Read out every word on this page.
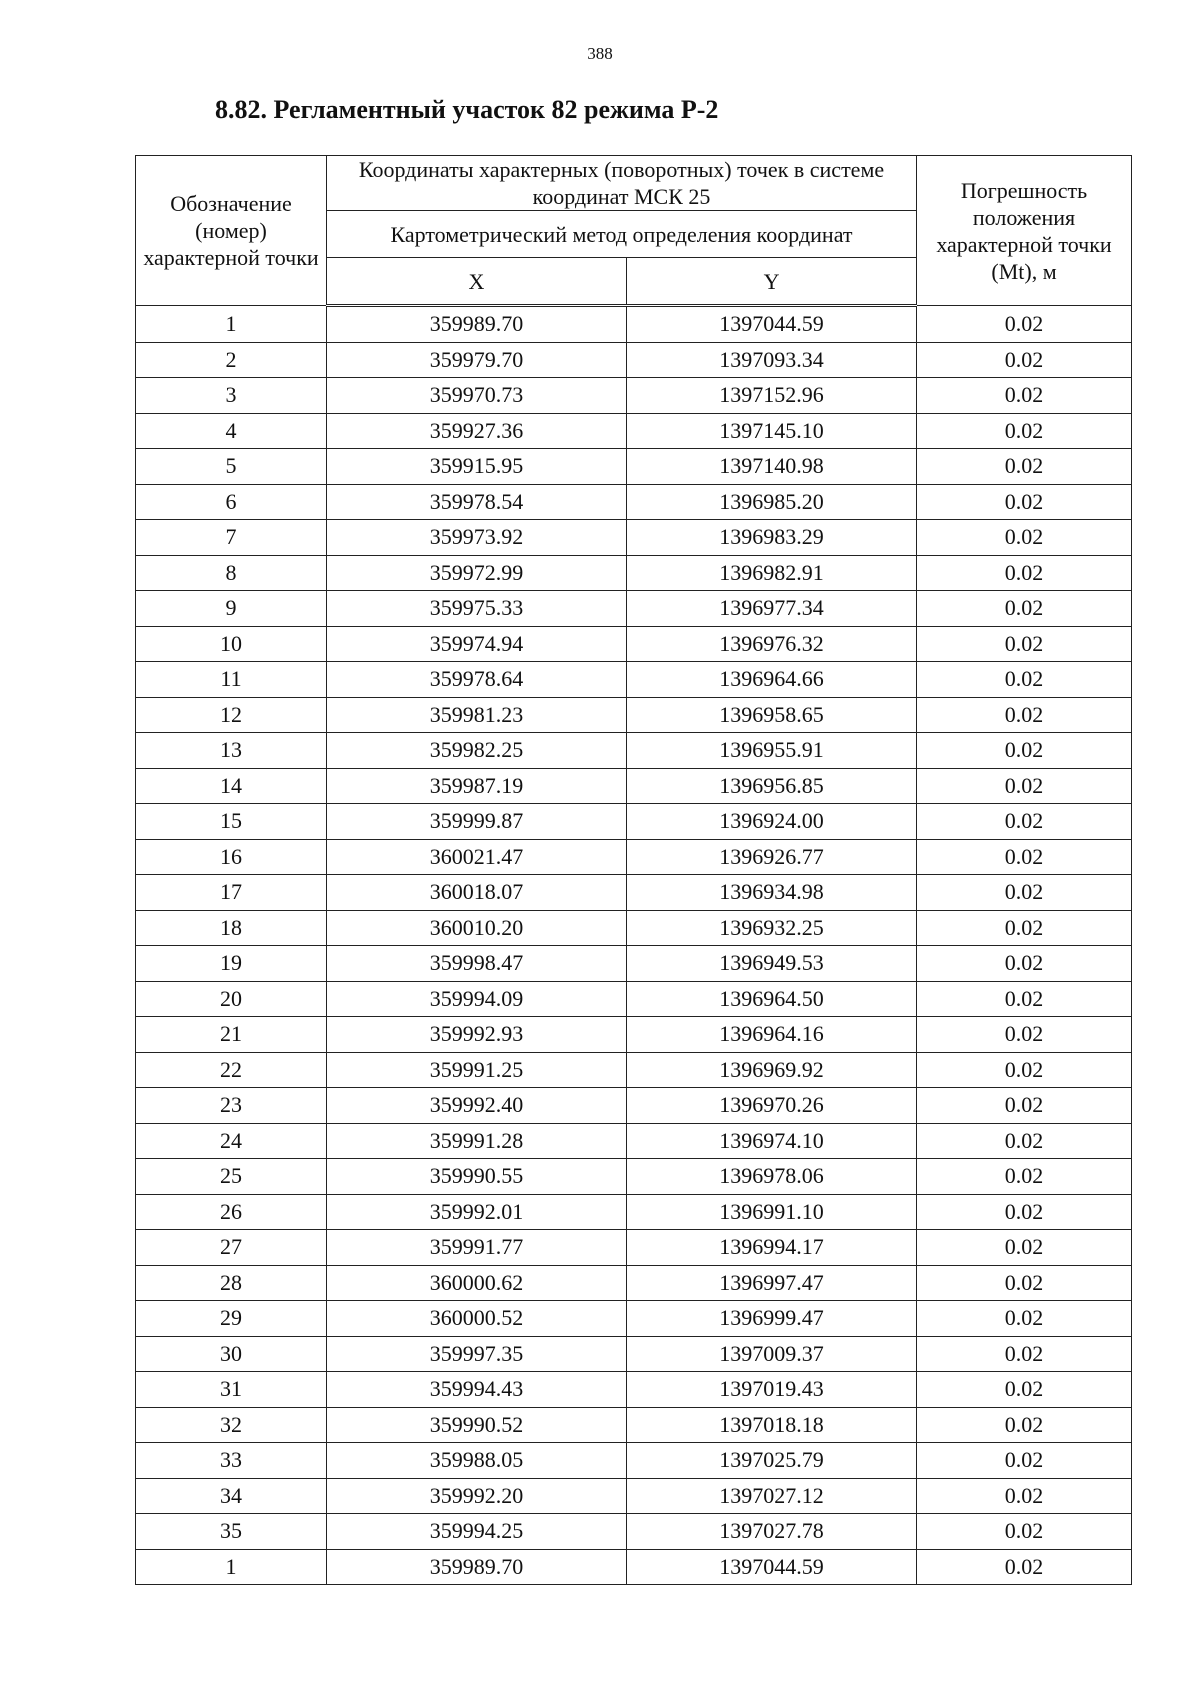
388
8.82. Регламентный участок 82 режима Р-2
Обозначение (номер) характерной точки	Координаты характерных (поворотных) точек в системе координат МСК 25		Погрешность положения характерной точки (Mt), м
	Картометрический метод определения координат		
	X	Y	
1	359989.70	1397044.59	0.02
2	359979.70	1397093.34	0.02
3	359970.73	1397152.96	0.02
4	359927.36	1397145.10	0.02
5	359915.95	1397140.98	0.02
6	359978.54	1396985.20	0.02
7	359973.92	1396983.29	0.02
8	359972.99	1396982.91	0.02
9	359975.33	1396977.34	0.02
10	359974.94	1396976.32	0.02
11	359978.64	1396964.66	0.02
12	359981.23	1396958.65	0.02
13	359982.25	1396955.91	0.02
14	359987.19	1396956.85	0.02
15	359999.87	1396924.00	0.02
16	360021.47	1396926.77	0.02
17	360018.07	1396934.98	0.02
18	360010.20	1396932.25	0.02
19	359998.47	1396949.53	0.02
20	359994.09	1396964.50	0.02
21	359992.93	1396964.16	0.02
22	359991.25	1396969.92	0.02
23	359992.40	1396970.26	0.02
24	359991.28	1396974.10	0.02
25	359990.55	1396978.06	0.02
26	359992.01	1396991.10	0.02
27	359991.77	1396994.17	0.02
28	360000.62	1396997.47	0.02
29	360000.52	1396999.47	0.02
30	359997.35	1397009.37	0.02
31	359994.43	1397019.43	0.02
32	359990.52	1397018.18	0.02
33	359988.05	1397025.79	0.02
34	359992.20	1397027.12	0.02
35	359994.25	1397027.78	0.02
1	359989.70	1397044.59	0.02
